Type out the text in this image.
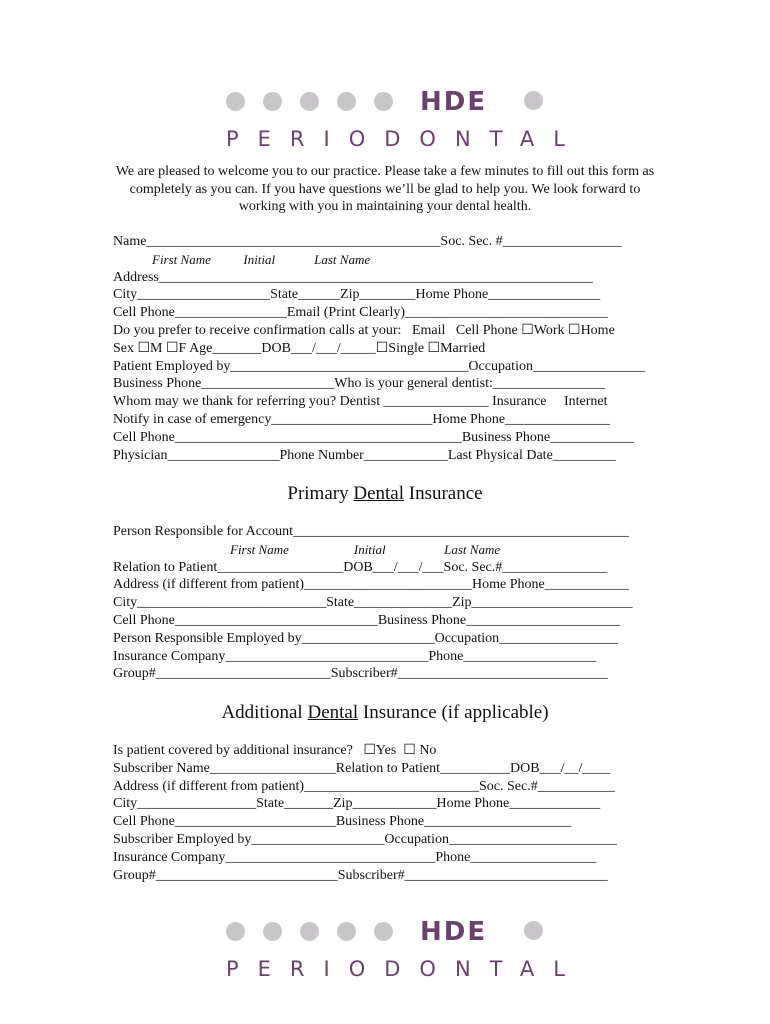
HDE
PERIODONTAL
We are pleased to welcome you to our practice. Please take a few minutes to fill out this form as completely as you can. If you have questions we’ll be glad to help you. We look forward to working with you in maintaining your dental health.
Name__________________________________________Soc. Sec. #_________________
First Name          Initial            Last Name
Address______________________________________________________________
City___________________State______Zip________Home Phone________________
Cell Phone________________Email (Print Clearly)_____________________________
Do you prefer to receive confirmation calls at your:   Email   Cell Phone ☐Work ☐Home
Sex ☐M ☐F Age_______DOB___/___/_____☐Single ☐Married
Patient Employed by__________________________________Occupation________________
Business Phone___________________Who is your general dentist:________________
Whom may we thank for referring you? Dentist _______________ Insurance     Internet
Notify in case of emergency_______________________Home Phone_______________
Cell Phone_________________________________________Business Phone____________
Physician________________Phone Number____________Last Physical Date_________
Primary Dental Insurance
Person Responsible for Account________________________________________________
First Name                    Initial                  Last Name
Relation to Patient__________________DOB___/___/___Soc. Sec.#_______________
Address (if different from patient)________________________Home Phone____________
City___________________________State______________Zip_______________________
Cell Phone_____________________________Business Phone______________________
Person Responsible Employed by___________________Occupation_________________
Insurance Company_____________________________Phone___________________
Group#_________________________Subscriber#______________________________
Additional Dental Insurance (if applicable)
Is patient covered by additional insurance?   ☐Yes  ☐ No
Subscriber Name__________________Relation to Patient__________DOB___/__/____
Address (if different from patient)_________________________Soc. Sec.#___________
City_________________State_______Zip____________Home Phone_____________
Cell Phone_______________________Business Phone_____________________
Subscriber Employed by___________________Occupation________________________
Insurance Company______________________________Phone__________________
Group#__________________________Subscriber#_____________________________
HDE
PERIODONTAL
